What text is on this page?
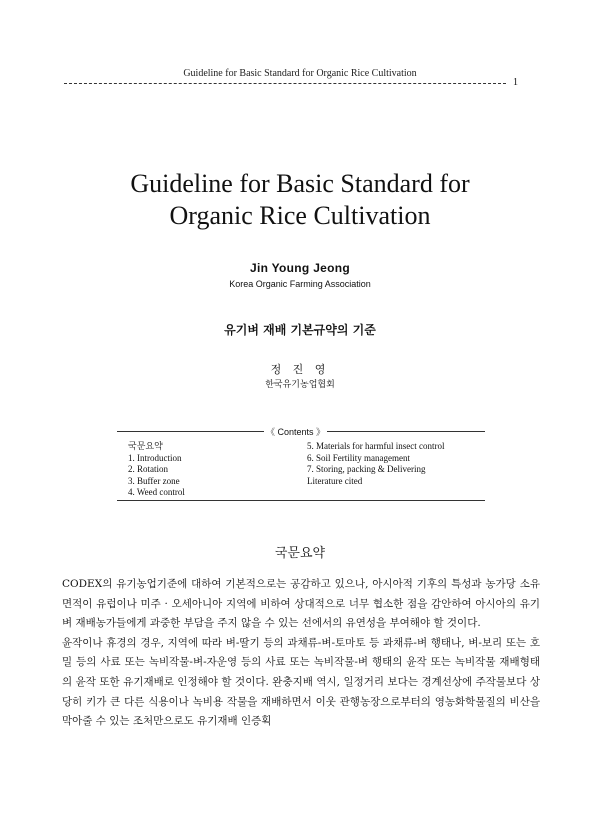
Guideline for Basic Standard for Organic Rice Cultivation
1
Guideline for Basic Standard for
Organic Rice Cultivation
Jin Young Jeong
Korea Organic Farming Association
유기벼 재배 기본규약의 기준
정 진 영
한국유기농업협회
《 Contents 》
국문요약
1. Introduction
2. Rotation
3. Buffer zone
4. Weed control
5. Materials for harmful insect control
6. Soil Fertility management
7. Storing, packing & Delivering
Literature cited
국문요약

CODEX의 유기농업기준에 대하여 기본적으로는 공감하고 있으나, 아시아적 기후의 특성과 농가당 소유면적이 유럽이나 미주 · 오세아니아 지역에 비하여 상대적으로 너무 협소한 점을 감안하여 아시아의 유기벼 재배농가들에게 과중한 부담을 주지 않을 수 있는 선에서의 유연성을 부여해야 할 것이다.

윤작이나 휴경의 경우, 지역에 따라 벼-딸기 등의 과채류-벼-토마토 등 과채류-벼 행태나, 벼-보리 또는 호밀 등의 사료 또는 녹비작물-벼-자운영 등의 사료 또는 녹비작물-벼 행태의 윤작 또는 녹비작물 재배형태의 윤작 또한 유기재배로 인정해야 할 것이다. 완충지배 역시, 일정거리 보다는 경계선상에 주작물보다 상당히 키가 큰 다른 식용이나 녹비용 작물을 재배하면서 이웃 관행농장으로부터의 영농화학물질의 비산을 막아줄 수 있는 조처만으로도 유기재배 인증획
